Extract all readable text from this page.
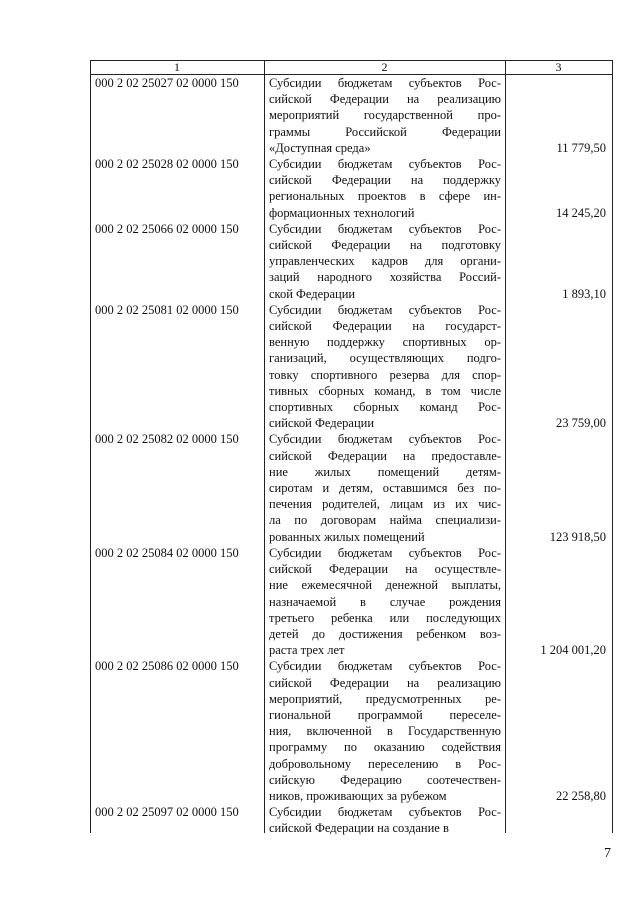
1	2	3
000 2 02 25027 02 0000 150	Субсидии бюджетам субъектов Рос-
сийской Федерации на реализацию
мероприятий государственной про-
граммы Российской Федерации
«Доступная среда»	11 779,50
000 2 02 25028 02 0000 150	Субсидии бюджетам субъектов Рос-
сийской Федерации на поддержку
региональных проектов в сфере ин-
формационных технологий	14 245,20
000 2 02 25066 02 0000 150	Субсидии бюджетам субъектов Рос-
сийской Федерации на подготовку
управленческих кадров для органи-
заций народного хозяйства Россий-
ской Федерации	1 893,10
000 2 02 25081 02 0000 150	Субсидии бюджетам субъектов Рос-
сийской Федерации на государст-
венную поддержку спортивных ор-
ганизаций, осуществляющих подго-
товку спортивного резерва для спор-
тивных сборных команд, в том числе
спортивных сборных команд Рос-
сийской Федерации	23 759,00
000 2 02 25082 02 0000 150	Субсидии бюджетам субъектов Рос-
сийской Федерации на предоставле-
ние жилых помещений детям-
сиротам и детям, оставшимся без по-
печения родителей, лицам из их чис-
ла по договорам найма специализи-
рованных жилых помещений	123 918,50
000 2 02 25084 02 0000 150	Субсидии бюджетам субъектов Рос-
сийской Федерации на осуществле-
ние ежемесячной денежной выплаты,
назначаемой в случае рождения
третьего ребенка или последующих
детей до достижения ребенком воз-
раста трех лет	1 204 001,20
000 2 02 25086 02 0000 150	Субсидии бюджетам субъектов Рос-
сийской Федерации на реализацию
мероприятий, предусмотренных ре-
гиональной программой переселе-
ния, включенной в Государственную
программу по оказанию содействия
добровольному переселению в Рос-
сийскую Федерацию соотечествен-
ников, проживающих за рубежом	22 258,80
000 2 02 25097 02 0000 150	Субсидии бюджетам субъектов Рос-
сийской Федерации на создание в
7
